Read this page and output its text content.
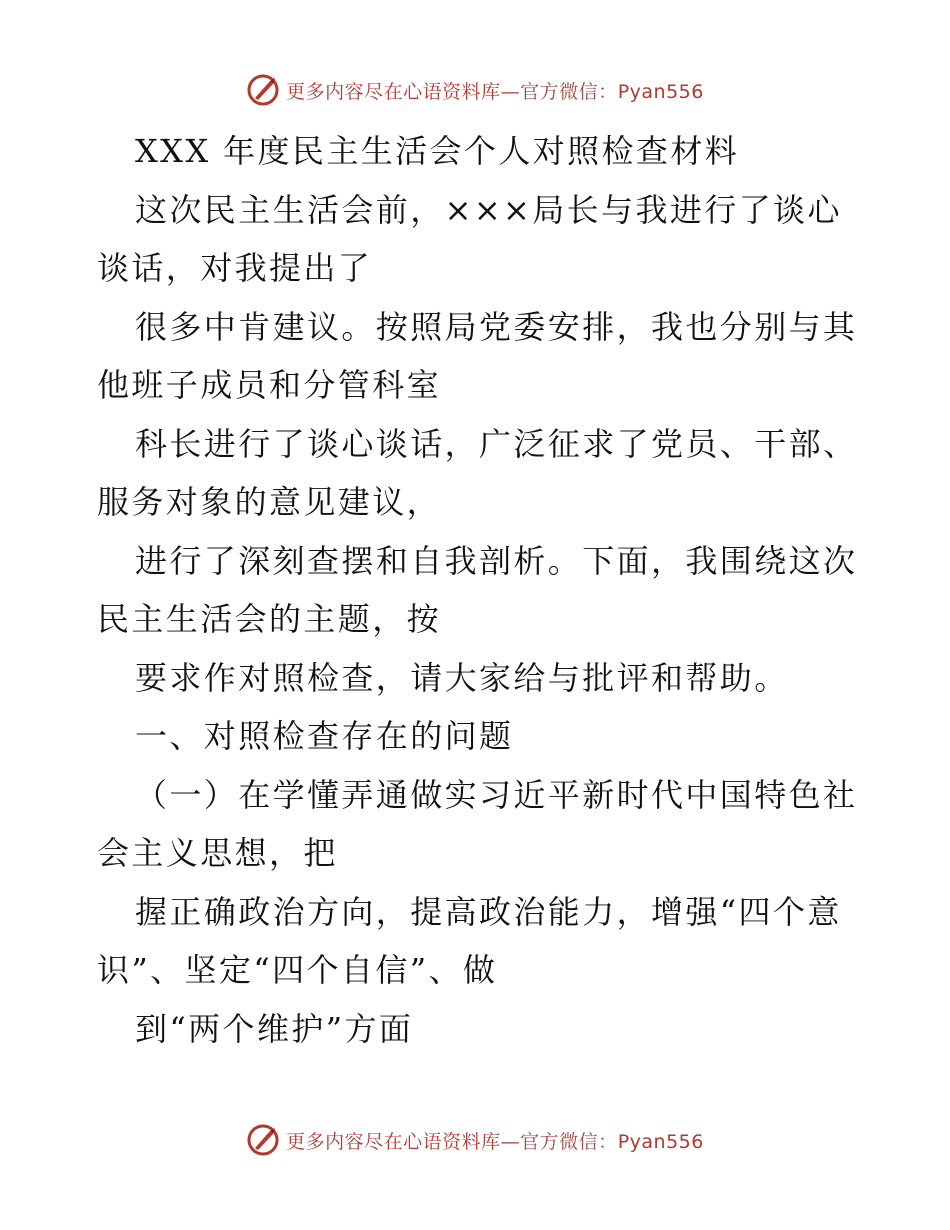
更多内容尽在心语资料库—官方微信：Pyan556
XXX 年度民主生活会个人对照检查材料
这次民主生活会前，×××局长与我进行了谈心
谈话，对我提出了
很多中肯建议。按照局党委安排，我也分别与其
他班子成员和分管科室
科长进行了谈心谈话，广泛征求了党员、干部、
服务对象的意见建议，
进行了深刻查摆和自我剖析。下面，我围绕这次
民主生活会的主题，按
要求作对照检查，请大家给与批评和帮助。
一、对照检查存在的问题
（一）在学懂弄通做实习近平新时代中国特色社
会主义思想，把
握正确政治方向，提高政治能力，增强“四个意
识”、坚定“四个自信”、做
到“两个维护”方面
更多内容尽在心语资料库—官方微信：Pyan556
